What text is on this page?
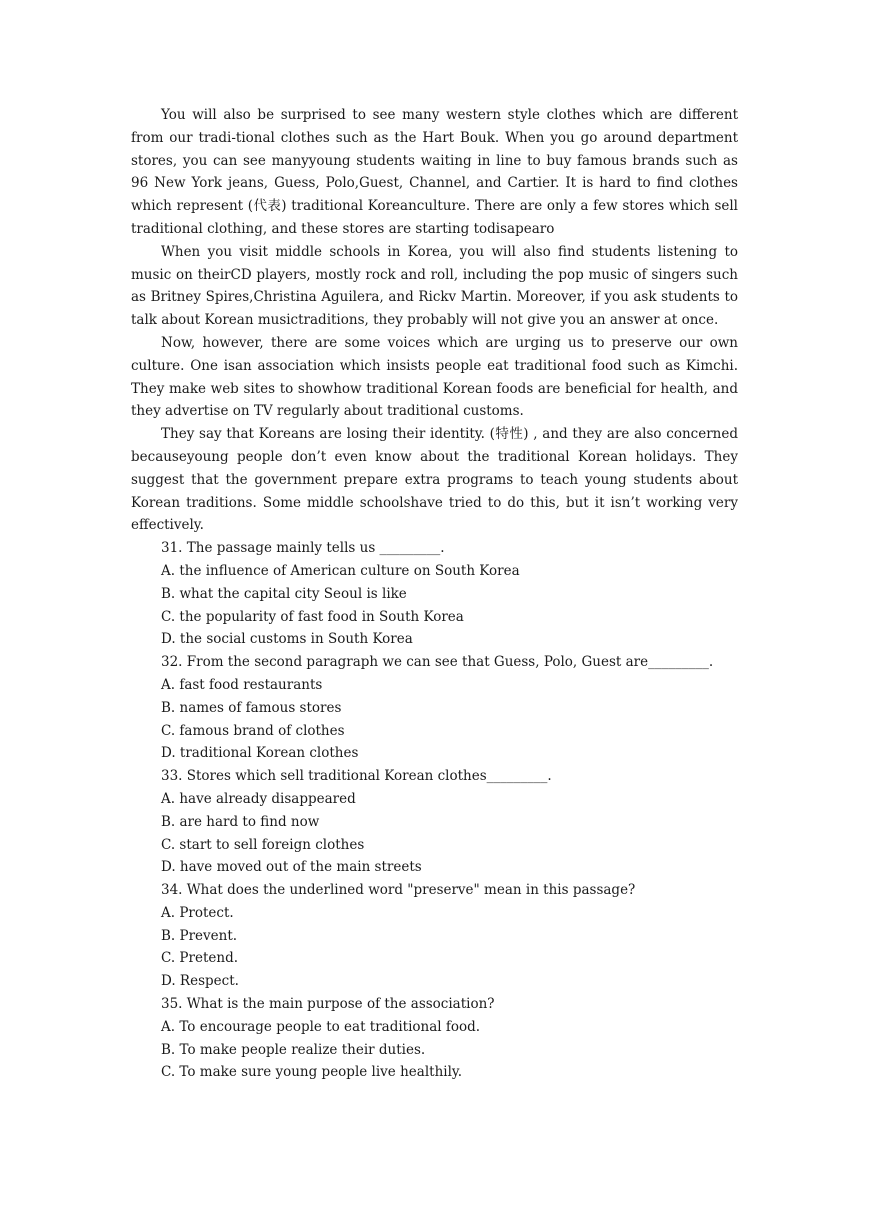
You will also be surprised to see many western style clothes which are different from our tradi-tional clothes such as the Hart Bouk. When you go around department stores, you can see manyyoung students waiting in line to buy famous brands such as 96 New York jeans, Guess, Polo,Guest, Channel, and Cartier. It is hard to find clothes which represent (代表) traditional Koreanculture. There are only a few stores which sell traditional clothing, and these stores are starting todisapearo

When you visit middle schools in Korea, you will also find students listening to music on theirCD players, mostly rock and roll, including the pop music of singers such as Britney Spires,Christina Aguilera, and Rickv Martin. Moreover, if you ask students to talk about Korean musictraditions, they probably will not give you an answer at once.

Now, however, there are some voices which are urging us to preserve our own culture. One isan association which insists people eat traditional food such as Kimchi. They make web sites to showhow traditional Korean foods are beneficial for health, and they advertise on TV regularly about traditional customs.

They say that Koreans are losing their identity. (特性) , and they are also concerned becauseyoung people don’t even know about the traditional Korean holidays. They suggest that the government prepare extra programs to teach young students about Korean traditions. Some middle schoolshave tried to do this, but it isn’t working very effectively.

31. The passage mainly tells us _________.

A. the influence of American culture on South Korea
B. what the capital city Seoul is like
C. the popularity of fast food in South Korea
D. the social customs in South Korea

32. From the second paragraph we can see that Guess, Polo, Guest are_________.

A. fast food restaurants
B. names of famous stores
C. famous brand of clothes
D. traditional Korean clothes

33. Stores which sell traditional Korean clothes_________.

A. have already disappeared
B. are hard to find now
C. start to sell foreign clothes
D. have moved out of the main streets

34. What does the underlined word "preserve" mean in this passage?

A. Protect.
B. Prevent.
C. Pretend.
D. Respect.

35. What is the main purpose of the association?

A. To encourage people to eat traditional food.
B. To make people realize their duties.
C. To make sure young people live healthily.
